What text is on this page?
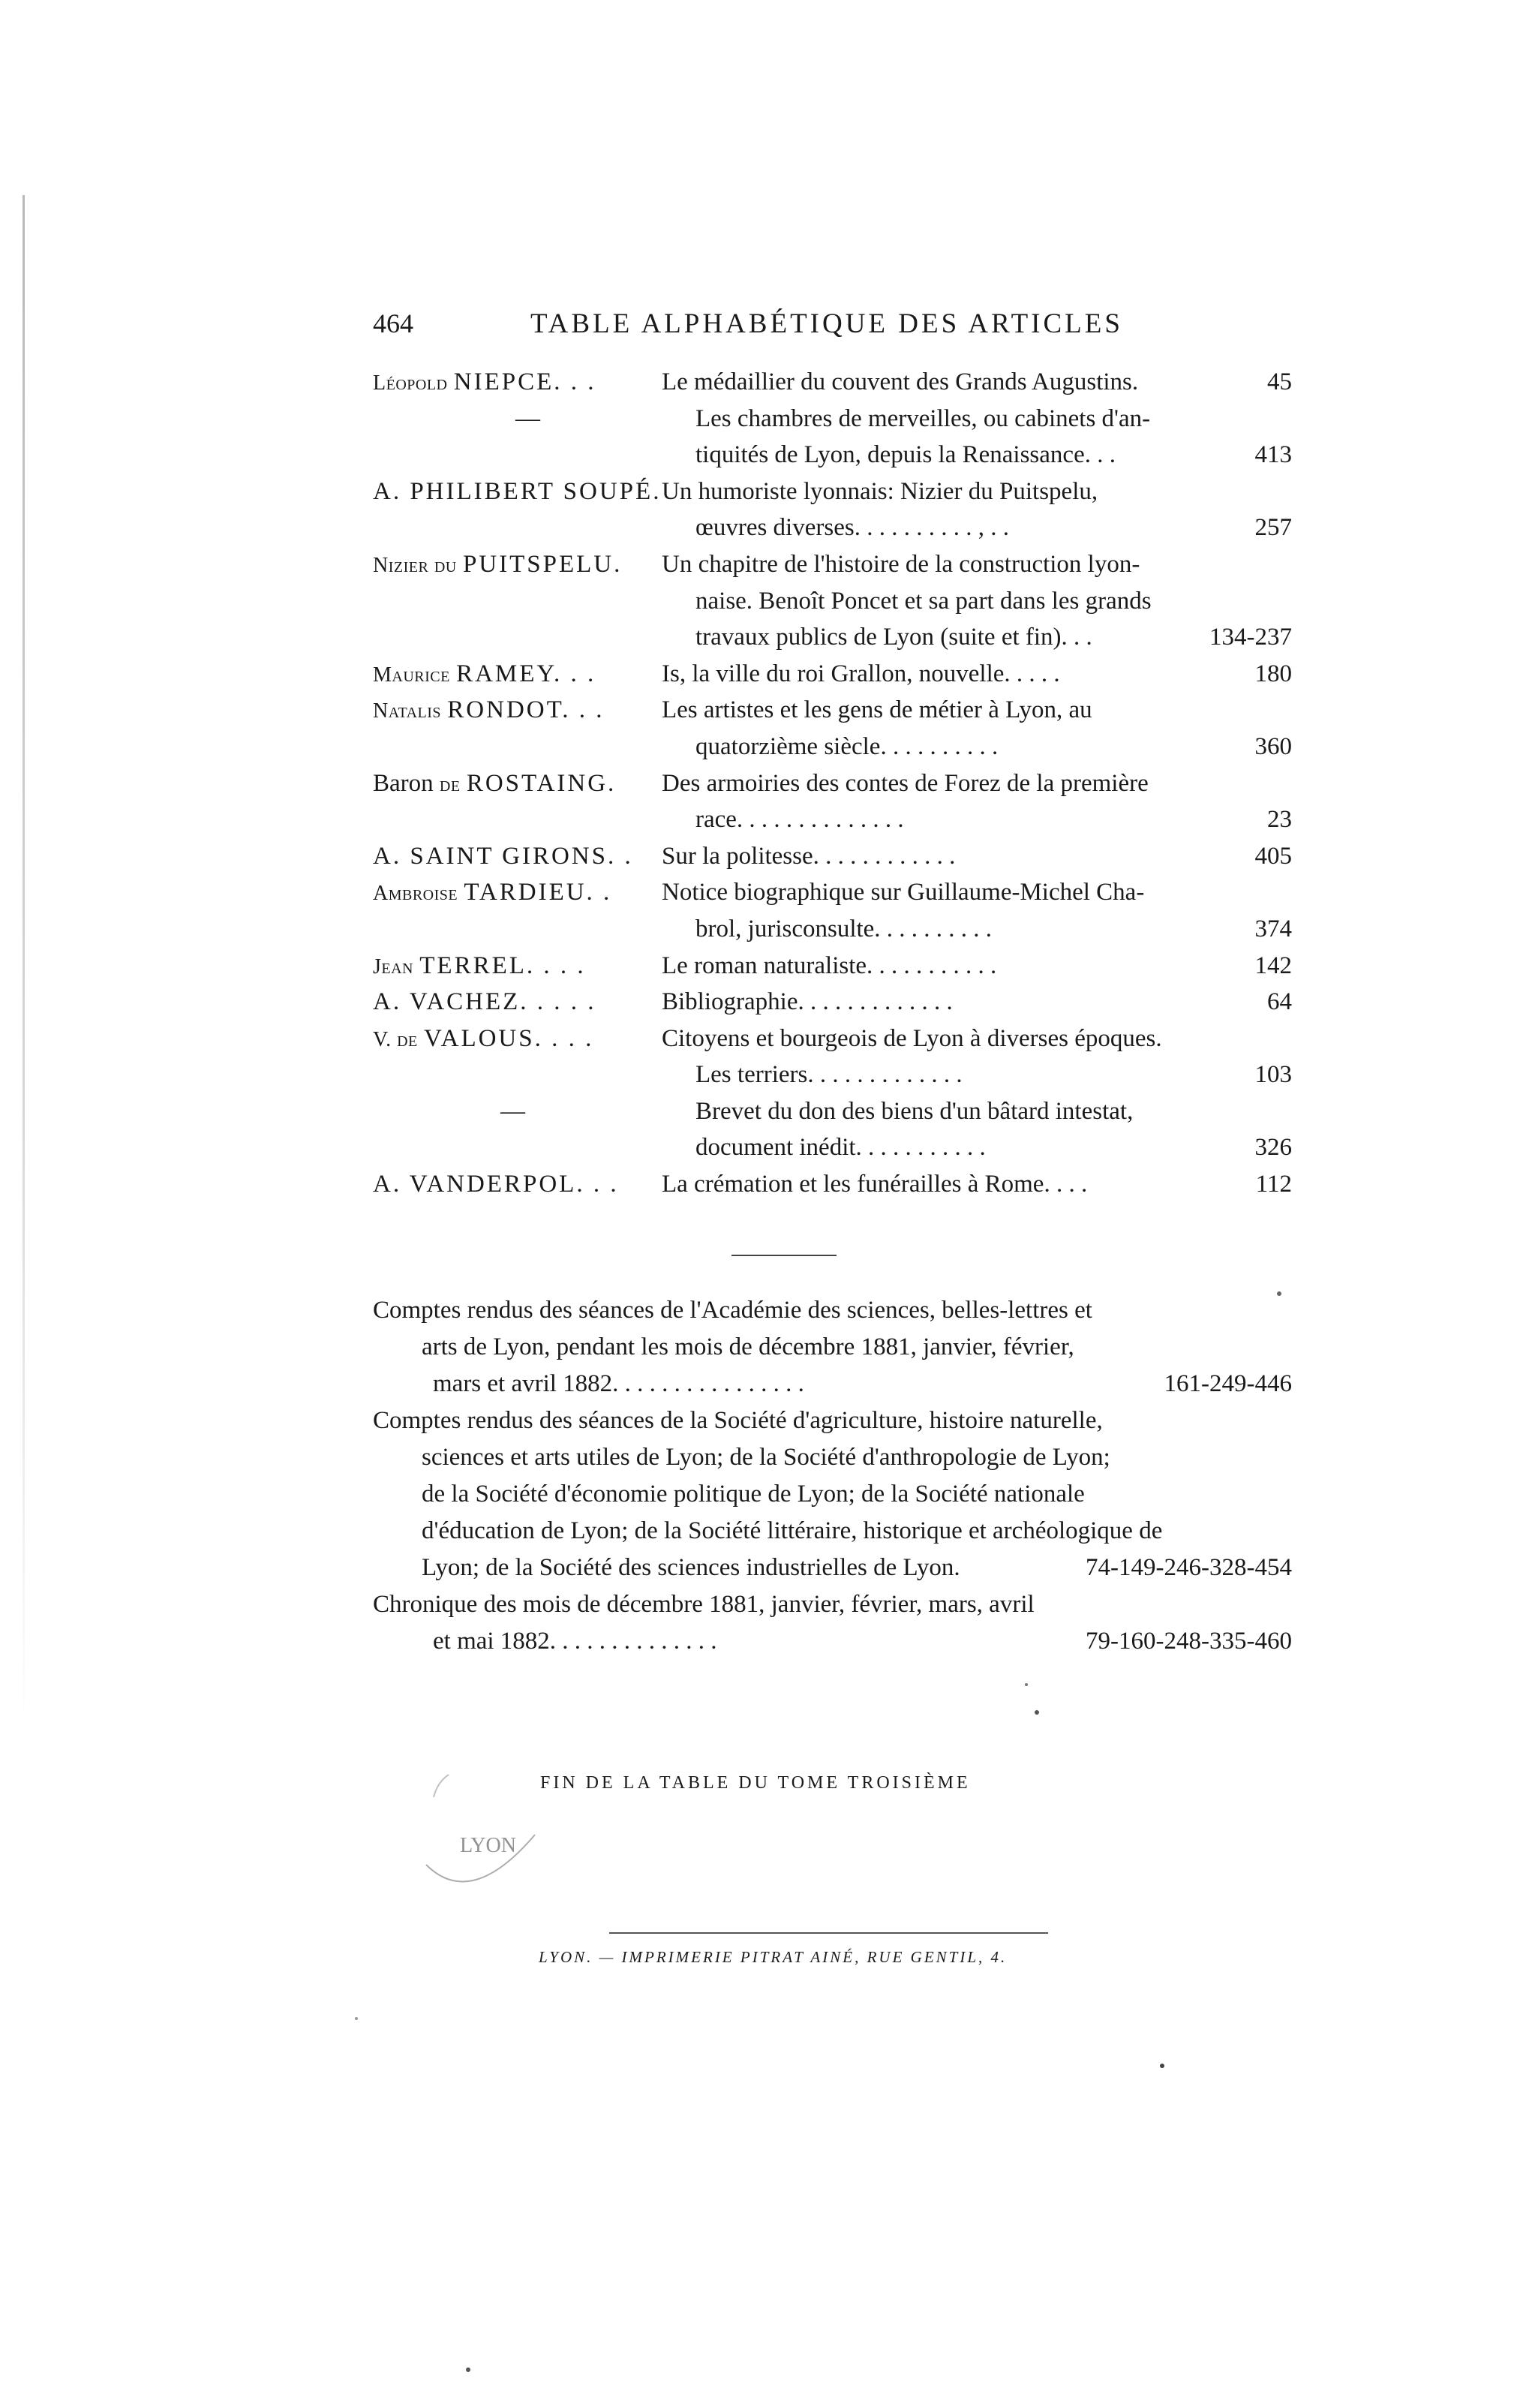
464	TABLE ALPHABÉTIQUE DES ARTICLES
Léopold NIEPCE. . .	Le médaillier du couvent des Grands Augustins.	45
—	Les chambres de merveilles, ou cabinets d'an-
tiquités de Lyon, depuis la Renaissance. . .	413
A. PHILIBERT SOUPÉ. Un humoriste lyonnais: Nizier du Puitspelu,
œuvres diverses. . . . . . . . . . , . .	257
Nizier du PUITSPELU. Un chapitre de l'histoire de la construction lyon-
naise. Benoît Poncet et sa part dans les grands
travaux publics de Lyon (suite et fin). . .	134-237
Maurice RAMEY. . .	Is, la ville du roi Grallon, nouvelle. . . . .	180
Natalis RONDOT. . . Les artistes et les gens de métier à Lyon, au
quatorzième siècle. . . . . . . . . .	360
Baron de ROSTAING. Des armoiries des contes de Forez de la première
race. . . . . . . . . . . . . .	23
A. SAINT GIRONS. . Sur la politesse. . . . . . . . . . . .	405
Ambroise TARDIEU. . Notice biographique sur Guillaume-Michel Cha-
brol, jurisconsulte. . . . . . . . . .	374
Jean TERREL. . . .	Le roman naturaliste. . . . . . . . . . .	142
A. VACHEZ. . . . .	Bibliographie. . . . . . . . . . . . .	64
V. de VALOUS. . . .	Citoyens et bourgeois de Lyon à diverses époques.
Les terriers. . . . . . . . . . . . .	103
—	Brevet du don des biens d'un bâtard intestat,
document inédit. . . . . . . . . . .	326
A. VANDERPOL. . . La crémation et les funérailles à Rome. . . .	112
Comptes rendus des séances de l'Académie des sciences, belles-lettres et
arts de Lyon, pendant les mois de décembre 1881, janvier, février,
mars et avril 1882. . . . . . . . . . . . . . . .	161-249-446
Comptes rendus des séances de la Société d'agriculture, histoire naturelle,
sciences et arts utiles de Lyon; de la Société d'anthropologie de Lyon;
de la Société d'économie politique de Lyon; de la Société nationale
d'éducation de Lyon; de la Société littéraire, historique et archéologique de
Lyon; de la Société des sciences industrielles de Lyon.	74-149-246-328-454
Chronique des mois de décembre 1881, janvier, février, mars, avril
et mai 1882. . . . . . . . . . . . . .	79-160-248-335-460
LYON
FIN DE LA TABLE DU TOME TROISIÈME
LYON. — IMPRIMERIE PITRAT AINÉ, RUE GENTIL, 4.
